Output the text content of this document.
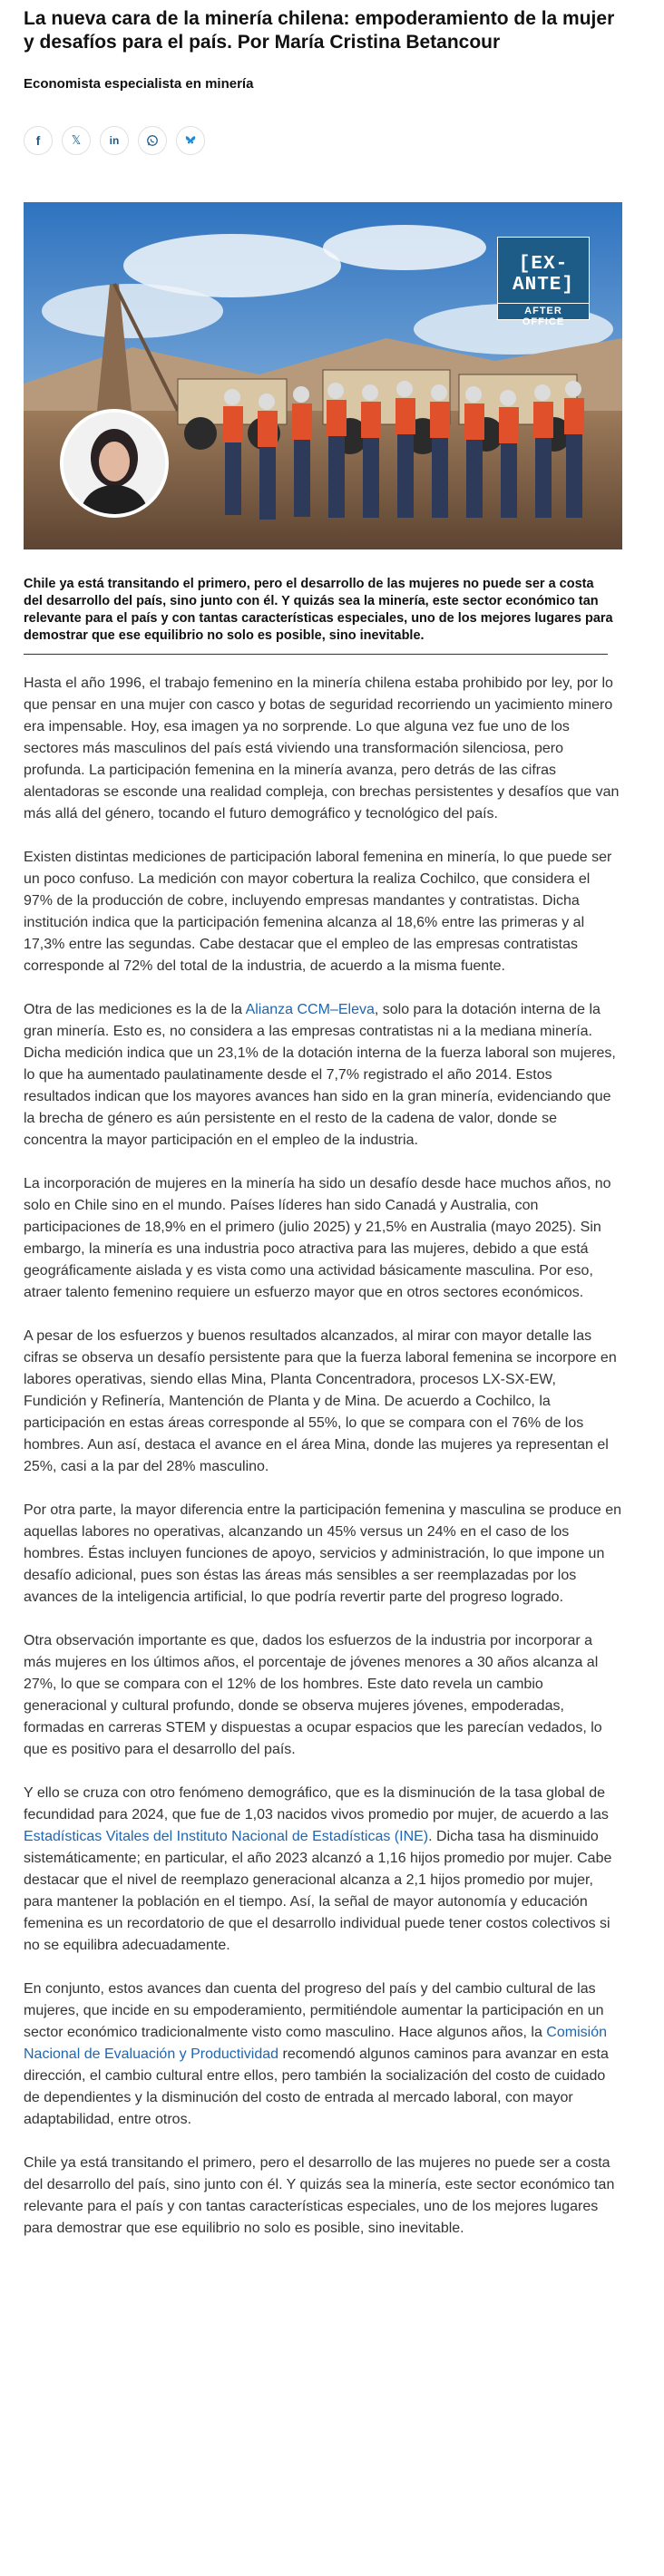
La nueva cara de la minería chilena: empoderamiento de la mujer y desafíos para el país. Por María Cristina Betancour
Economista especialista en minería
f	𝕏	in
[EX-ANTE]
AFTER OFFICE
Chile ya está transitando el primero, pero el desarrollo de las mujeres no puede ser a costa del desarrollo del país, sino junto con él. Y quizás sea la minería, este sector económico tan relevante para el país y con tantas características especiales, uno de los mejores lugares para demostrar que ese equilibrio no solo es posible, sino inevitable.

Hasta el año 1996, el trabajo femenino en la minería chilena estaba prohibido por ley, por lo que pensar en una mujer con casco y botas de seguridad recorriendo un yacimiento minero era impensable. Hoy, esa imagen ya no sorprende. Lo que alguna vez fue uno de los sectores más masculinos del país está viviendo una transformación silenciosa, pero profunda. La participación femenina en la minería avanza, pero detrás de las cifras alentadoras se esconde una realidad compleja, con brechas persistentes y desafíos que van más allá del género, tocando el futuro demográfico y tecnológico del país.

Existen distintas mediciones de participación laboral femenina en minería, lo que puede ser un poco confuso. La medición con mayor cobertura la realiza Cochilco, que considera el 97% de la producción de cobre, incluyendo empresas mandantes y contratistas. Dicha institución indica que la participación femenina alcanza al 18,6% entre las primeras y al 17,3% entre las segundas. Cabe destacar que el empleo de las empresas contratistas corresponde al 72% del total de la industria, de acuerdo a la misma fuente.

Otra de las mediciones es la de la Alianza CCM–Eleva, solo para la dotación interna de la gran minería. Esto es, no considera a las empresas contratistas ni a la mediana minería. Dicha medición indica que un 23,1% de la dotación interna de la fuerza laboral son mujeres, lo que ha aumentado paulatinamente desde el 7,7% registrado el año 2014. Estos resultados indican que los mayores avances han sido en la gran minería, evidenciando que la brecha de género es aún persistente en el resto de la cadena de valor, donde se concentra la mayor participación en el empleo de la industria.

La incorporación de mujeres en la minería ha sido un desafío desde hace muchos años, no solo en Chile sino en el mundo. Países líderes han sido Canadá y Australia, con participaciones de 18,9% en el primero (julio 2025) y 21,5% en Australia (mayo 2025). Sin embargo, la minería es una industria poco atractiva para las mujeres, debido a que está geográficamente aislada y es vista como una actividad básicamente masculina. Por eso, atraer talento femenino requiere un esfuerzo mayor que en otros sectores económicos.

A pesar de los esfuerzos y buenos resultados alcanzados, al mirar con mayor detalle las cifras se observa un desafío persistente para que la fuerza laboral femenina se incorpore en labores operativas, siendo ellas Mina, Planta Concentradora, procesos LX-SX-EW, Fundición y Refinería, Mantención de Planta y de Mina. De acuerdo a Cochilco, la participación en estas áreas corresponde al 55%, lo que se compara con el 76% de los hombres. Aun así, destaca el avance en el área Mina, donde las mujeres ya representan el 25%, casi a la par del 28% masculino.

Por otra parte, la mayor diferencia entre la participación femenina y masculina se produce en aquellas labores no operativas, alcanzando un 45% versus un 24% en el caso de los hombres. Éstas incluyen funciones de apoyo, servicios y administración, lo que impone un desafío adicional, pues son éstas las áreas más sensibles a ser reemplazadas por los avances de la inteligencia artificial, lo que podría revertir parte del progreso logrado.

Otra observación importante es que, dados los esfuerzos de la industria por incorporar a más mujeres en los últimos años, el porcentaje de jóvenes menores a 30 años alcanza al 27%, lo que se compara con el 12% de los hombres. Este dato revela un cambio generacional y cultural profundo, donde se observa mujeres jóvenes, empoderadas, formadas en carreras STEM y dispuestas a ocupar espacios que les parecían vedados, lo que es positivo para el desarrollo del país.

Y ello se cruza con otro fenómeno demográfico, que es la disminución de la tasa global de fecundidad para 2024, que fue de 1,03 nacidos vivos promedio por mujer, de acuerdo a las Estadísticas Vitales del Instituto Nacional de Estadísticas (INE). Dicha tasa ha disminuido sistemáticamente; en particular, el año 2023 alcanzó a 1,16 hijos promedio por mujer. Cabe destacar que el nivel de reemplazo generacional alcanza a 2,1 hijos promedio por mujer, para mantener la población en el tiempo. Así, la señal de mayor autonomía y educación femenina es un recordatorio de que el desarrollo individual puede tener costos colectivos si no se equilibra adecuadamente.

En conjunto, estos avances dan cuenta del progreso del país y del cambio cultural de las mujeres, que incide en su empoderamiento, permitiéndole aumentar la participación en un sector económico tradicionalmente visto como masculino. Hace algunos años, la Comisión Nacional de Evaluación y Productividad recomendó algunos caminos para avanzar en esta dirección, el cambio cultural entre ellos, pero también la socialización del costo de cuidado de dependientes y la disminución del costo de entrada al mercado laboral, con mayor adaptabilidad, entre otros.

Chile ya está transitando el primero, pero el desarrollo de las mujeres no puede ser a costa del desarrollo del país, sino junto con él. Y quizás sea la minería, este sector económico tan relevante para el país y con tantas características especiales, uno de los mejores lugares para demostrar que ese equilibrio no solo es posible, sino inevitable.
